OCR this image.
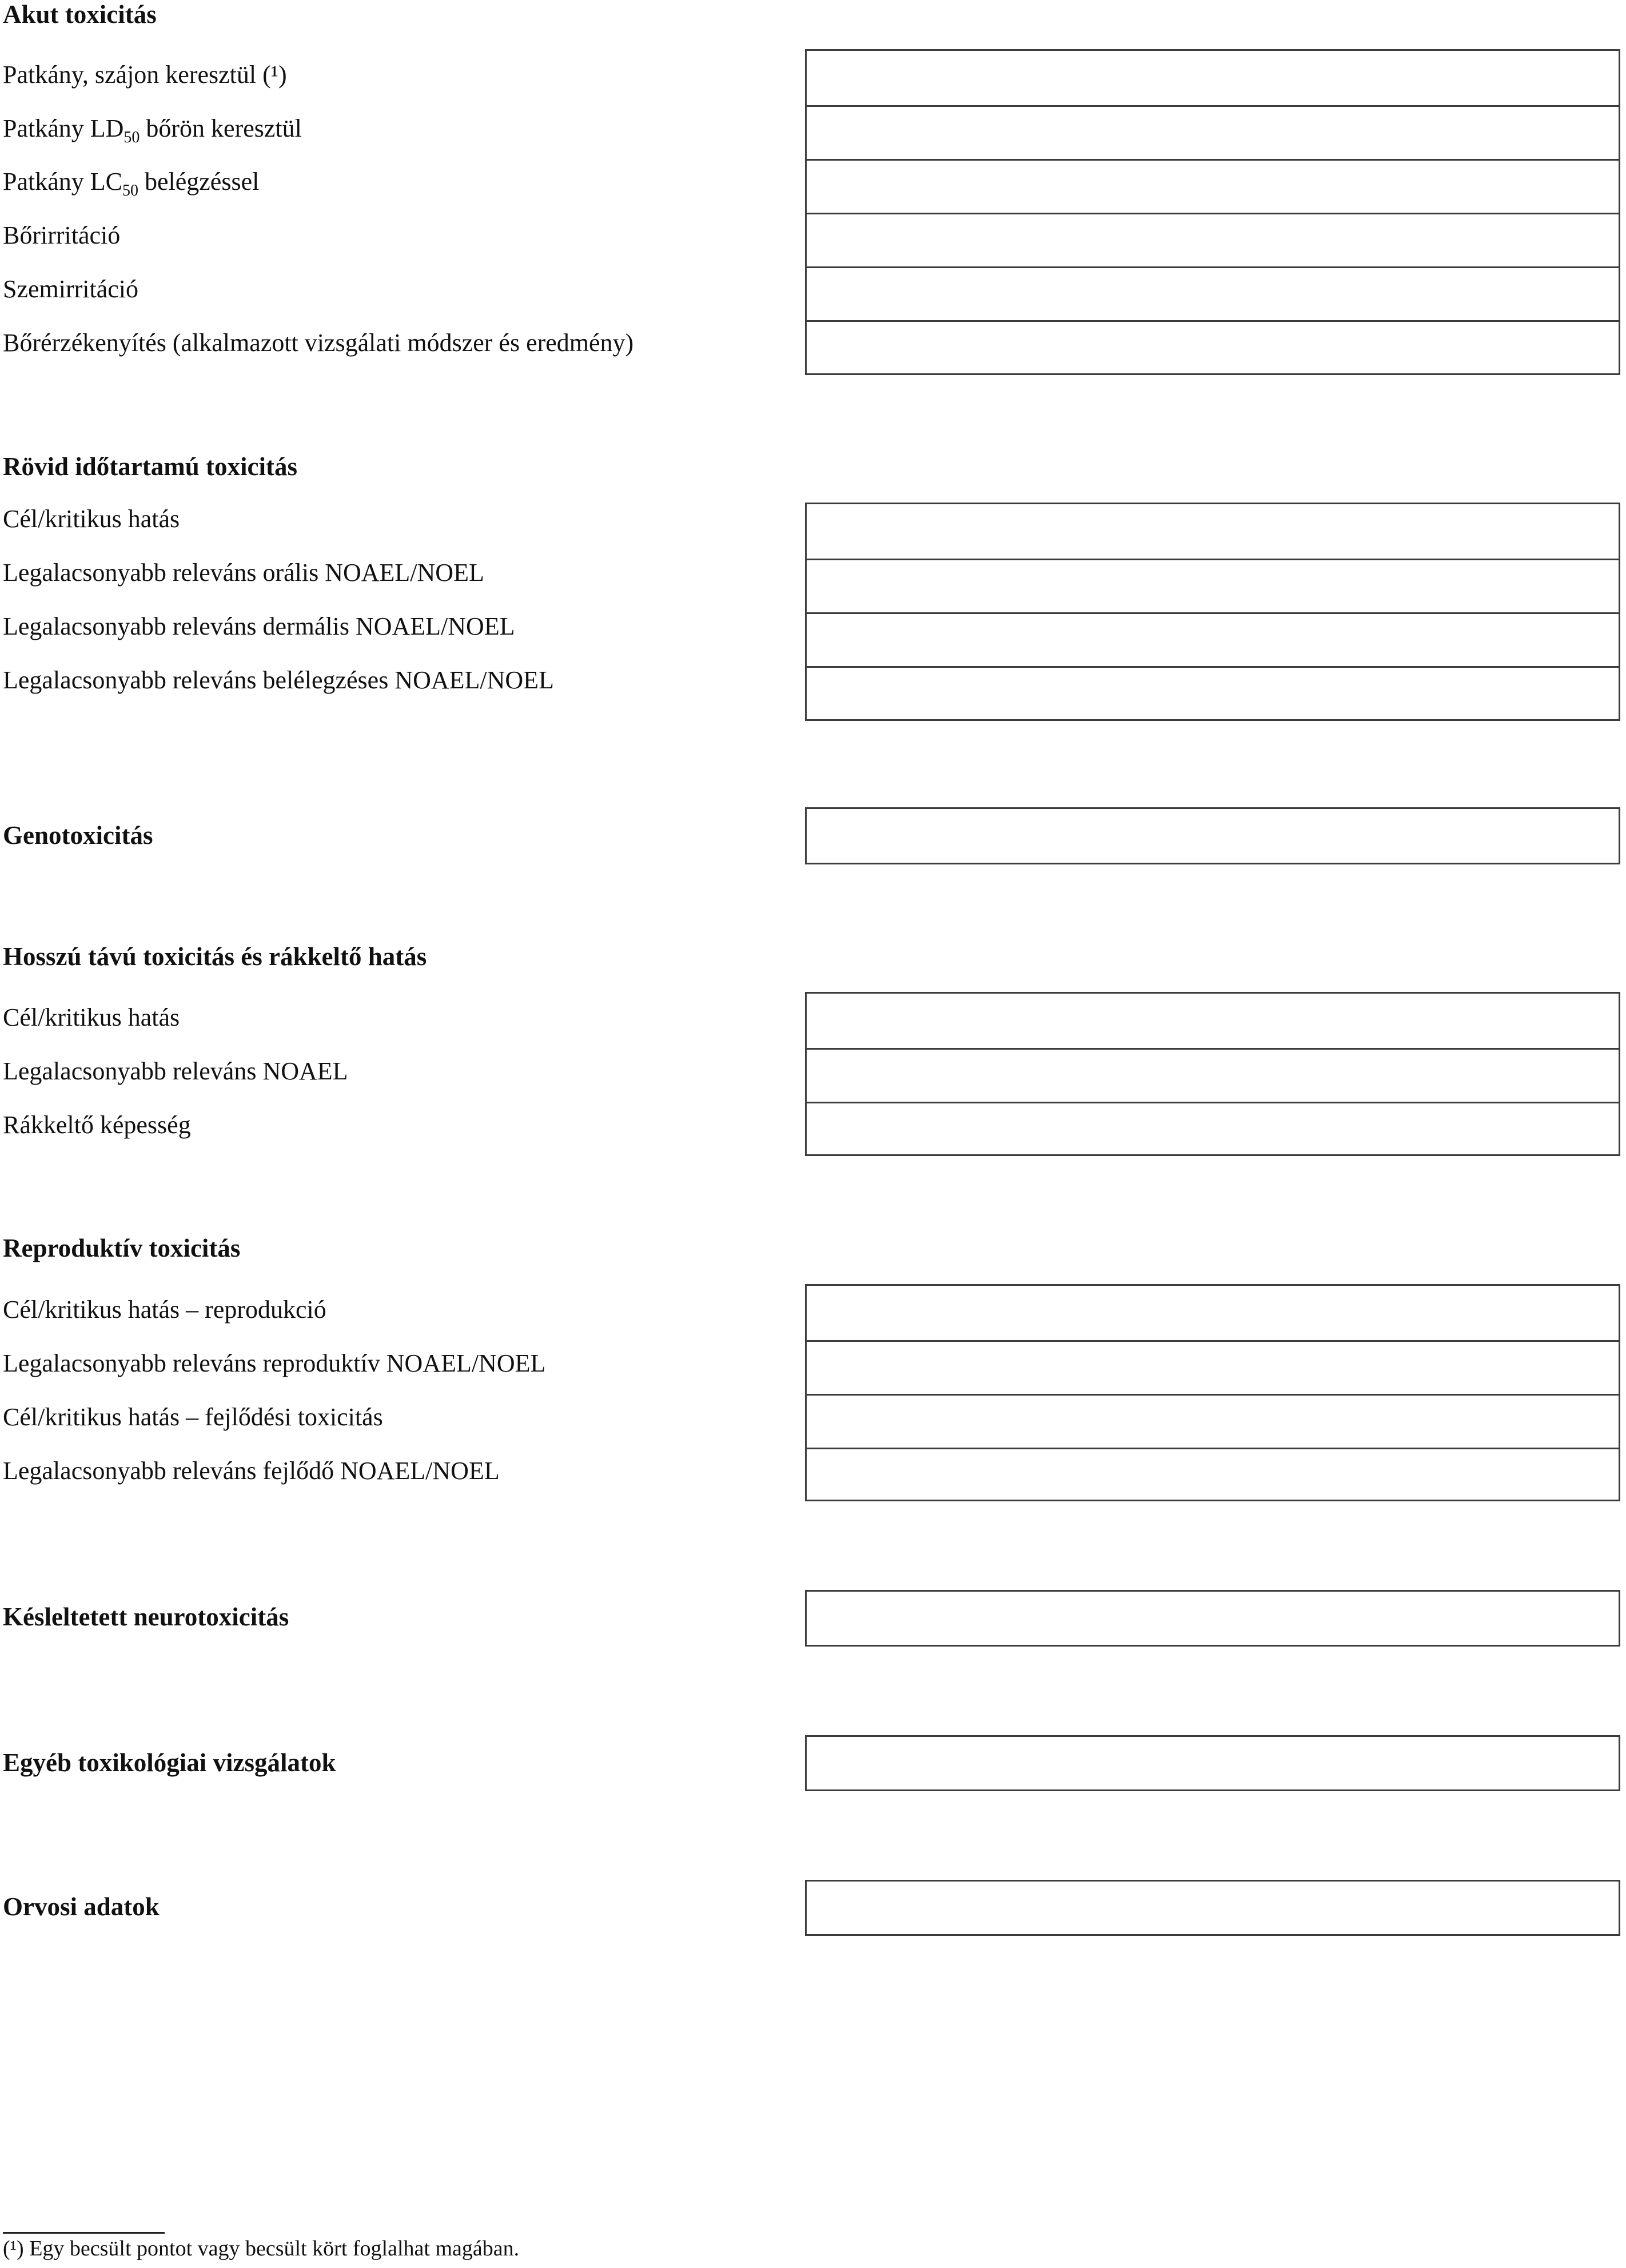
Akut toxicitás
Patkány, szájon keresztül (¹)
Patkány $LD_{50}$ bőrön keresztül
Patkány $LC_{50}$ belégzéssel
Bőrirritáció
Szemirritáció
Bőrérzékenyítés (alkalmazott vizsgálati módszer és eredmény)
Rövid időtartamú toxicitás
Cél/kritikus hatás
Legalacsonyabb releváns orális NOAEL/NOEL
Legalacsonyabb releváns dermális NOAEL/NOEL
Legalacsonyabb releváns belélegzéses NOAEL/NOEL
Genotoxicitás
Hosszú távú toxicitás és rákkeltő hatás
Cél/kritikus hatás
Legalacsonyabb releváns NOAEL
Rákkeltő képesség
Reproduktív toxicitás
Cél/kritikus hatás – reprodukció
Legalacsonyabb releváns reproduktív NOAEL/NOEL
Cél/kritikus hatás – fejlődési toxicitás
Legalacsonyabb releváns fejlődő NOAEL/NOEL
Késleltetett neurotoxicitás
Egyéb toxikológiai vizsgálatok
Orvosi adatok
(¹) Egy becsült pontot vagy becsült kört foglalhat magában.
